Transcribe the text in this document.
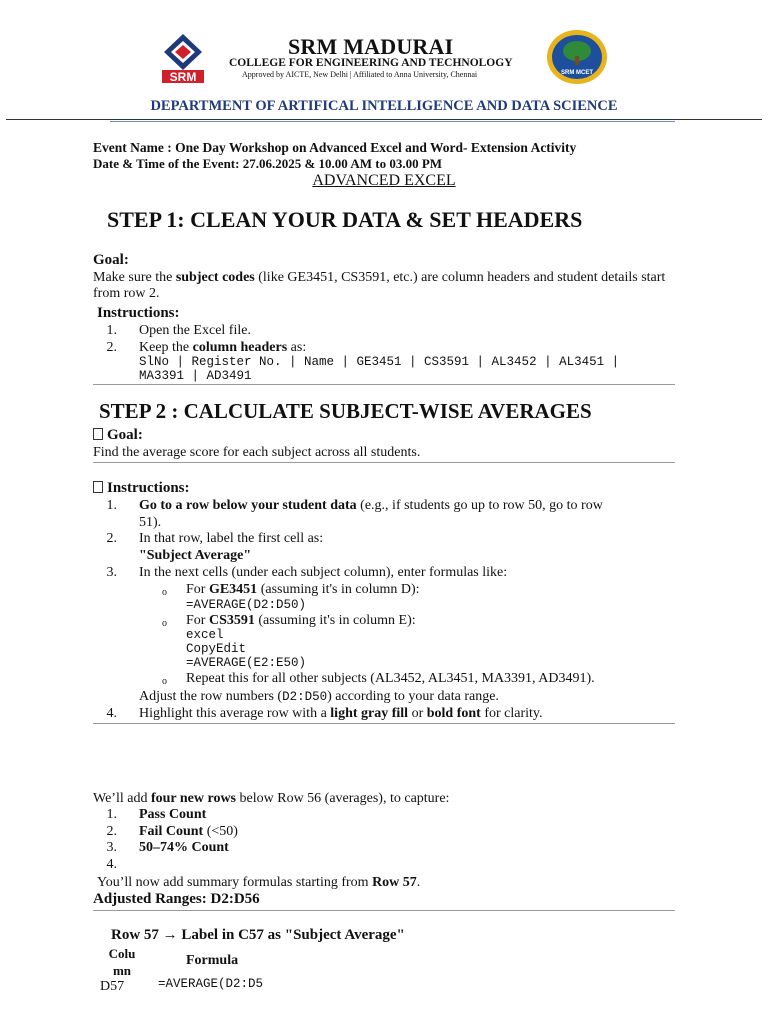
SRM
SRM MADURAI
COLLEGE FOR ENGINEERING AND TECHNOLOGY
Approved by AICTE, New Delhi | Affiliated to Anna University, Chennai	SRM MCET
DEPARTMENT OF ARTIFICAL INTELLIGENCE AND DATA SCIENCE
Event Name : One Day Workshop on Advanced Excel and Word- Extension Activity
Date & Time of the Event: 27.06.2025 & 10.00 AM to 03.00 PM
ADVANCED EXCEL
STEP 1: CLEAN YOUR DATA & SET HEADERS
Goal:
Make sure the subject codes (like GE3451, CS3591, etc.) are column headers and student details start from row 2.
Instructions:
1. Open the Excel file.
2. Keep the column headers as:
SlNo | Register No. | Name | GE3451 | CS3591 | AL3452 | AL3451 |
MA3391 | AD3491
STEP 2 : CALCULATE SUBJECT-WISE AVERAGES
Goal:
Find the average score for each subject across all students.
Instructions:
1. Go to a row below your student data (e.g., if students go up to row 50, go to row
51).
2. In that row, label the first cell as:
"Subject Average"
3. In the next cells (under each subject column), enter formulas like:
o For GE3451 (assuming it's in column D):
=AVERAGE(D2:D50)
o For CS3591 (assuming it's in column E):
excel
CopyEdit
=AVERAGE(E2:E50)
o Repeat this for all other subjects (AL3452, AL3451, MA3391, AD3491).
Adjust the row numbers (D2:D50) according to your data range.
4. Highlight this average row with a light gray fill or bold font for clarity.
We’ll add four new rows below Row 56 (averages), to capture:
1. Pass Count
2. Fail Count (<50)
3. 50–74% Count
4.
You’ll now add summary formulas starting from Row 57.
Adjusted Ranges: D2:D56
Row 57 → Label in C57 as "Subject Average"
Colu mn
Formula
D57	=AVERAGE(D2:D5
